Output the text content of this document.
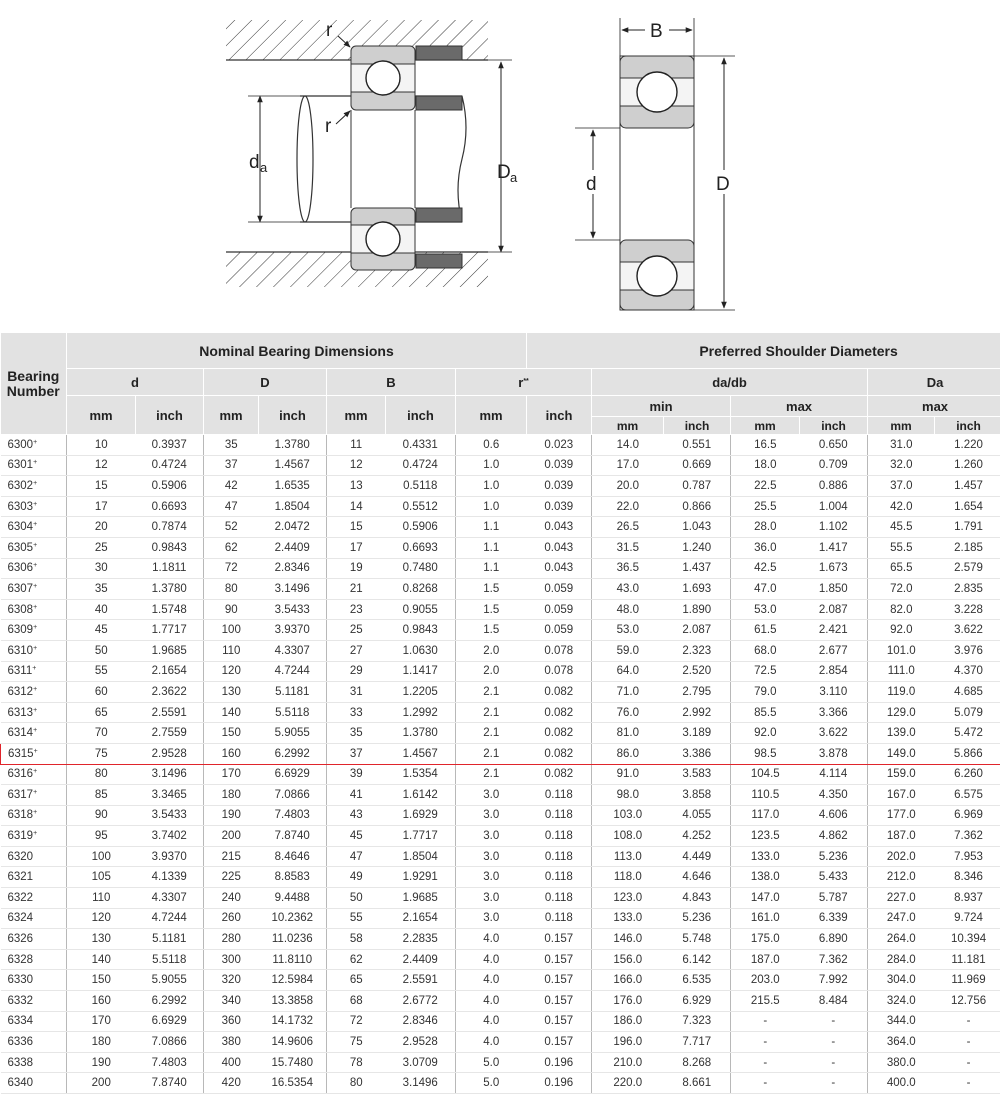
r
r
d a	D a
B
d	D
Bearing Number	Nominal Bearing Dimensions							Preferred Shoulder Diameters						
	d		D		B		r**		da/db				Da	
	mm	inch	mm	inch	mm	inch	mm	inch	min		max		max	
									mm	inch	mm	inch	mm	inch
6300+	10	0.3937	35	1.3780	11	0.4331	0.6	0.023	14.0	0.551	16.5	0.650	31.0	1.220
6301+	12	0.4724	37	1.4567	12	0.4724	1.0	0.039	17.0	0.669	18.0	0.709	32.0	1.260
6302+	15	0.5906	42	1.6535	13	0.5118	1.0	0.039	20.0	0.787	22.5	0.886	37.0	1.457
6303+	17	0.6693	47	1.8504	14	0.5512	1.0	0.039	22.0	0.866	25.5	1.004	42.0	1.654
6304+	20	0.7874	52	2.0472	15	0.5906	1.1	0.043	26.5	1.043	28.0	1.102	45.5	1.791
6305+	25	0.9843	62	2.4409	17	0.6693	1.1	0.043	31.5	1.240	36.0	1.417	55.5	2.185
6306+	30	1.1811	72	2.8346	19	0.7480	1.1	0.043	36.5	1.437	42.5	1.673	65.5	2.579
6307+	35	1.3780	80	3.1496	21	0.8268	1.5	0.059	43.0	1.693	47.0	1.850	72.0	2.835
6308+	40	1.5748	90	3.5433	23	0.9055	1.5	0.059	48.0	1.890	53.0	2.087	82.0	3.228
6309+	45	1.7717	100	3.9370	25	0.9843	1.5	0.059	53.0	2.087	61.5	2.421	92.0	3.622
6310+	50	1.9685	110	4.3307	27	1.0630	2.0	0.078	59.0	2.323	68.0	2.677	101.0	3.976
6311+	55	2.1654	120	4.7244	29	1.1417	2.0	0.078	64.0	2.520	72.5	2.854	111.0	4.370
6312+	60	2.3622	130	5.1181	31	1.2205	2.1	0.082	71.0	2.795	79.0	3.110	119.0	4.685
6313+	65	2.5591	140	5.5118	33	1.2992	2.1	0.082	76.0	2.992	85.5	3.366	129.0	5.079
6314+	70	2.7559	150	5.9055	35	1.3780	2.1	0.082	81.0	3.189	92.0	3.622	139.0	5.472
6315+	75	2.9528	160	6.2992	37	1.4567	2.1	0.082	86.0	3.386	98.5	3.878	149.0	5.866
6316+	80	3.1496	170	6.6929	39	1.5354	2.1	0.082	91.0	3.583	104.5	4.114	159.0	6.260
6317+	85	3.3465	180	7.0866	41	1.6142	3.0	0.118	98.0	3.858	110.5	4.350	167.0	6.575
6318+	90	3.5433	190	7.4803	43	1.6929	3.0	0.118	103.0	4.055	117.0	4.606	177.0	6.969
6319+	95	3.7402	200	7.8740	45	1.7717	3.0	0.118	108.0	4.252	123.5	4.862	187.0	7.362
6320	100	3.9370	215	8.4646	47	1.8504	3.0	0.118	113.0	4.449	133.0	5.236	202.0	7.953
6321	105	4.1339	225	8.8583	49	1.9291	3.0	0.118	118.0	4.646	138.0	5.433	212.0	8.346
6322	110	4.3307	240	9.4488	50	1.9685	3.0	0.118	123.0	4.843	147.0	5.787	227.0	8.937
6324	120	4.7244	260	10.2362	55	2.1654	3.0	0.118	133.0	5.236	161.0	6.339	247.0	9.724
6326	130	5.1181	280	11.0236	58	2.2835	4.0	0.157	146.0	5.748	175.0	6.890	264.0	10.394
6328	140	5.5118	300	11.8110	62	2.4409	4.0	0.157	156.0	6.142	187.0	7.362	284.0	11.181
6330	150	5.9055	320	12.5984	65	2.5591	4.0	0.157	166.0	6.535	203.0	7.992	304.0	11.969
6332	160	6.2992	340	13.3858	68	2.6772	4.0	0.157	176.0	6.929	215.5	8.484	324.0	12.756
6334	170	6.6929	360	14.1732	72	2.8346	4.0	0.157	186.0	7.323	-	-	344.0	-
6336	180	7.0866	380	14.9606	75	2.9528	4.0	0.157	196.0	7.717	-	-	364.0	-
6338	190	7.4803	400	15.7480	78	3.0709	5.0	0.196	210.0	8.268	-	-	380.0	-
6340	200	7.8740	420	16.5354	80	3.1496	5.0	0.196	220.0	8.661	-	-	400.0	-
